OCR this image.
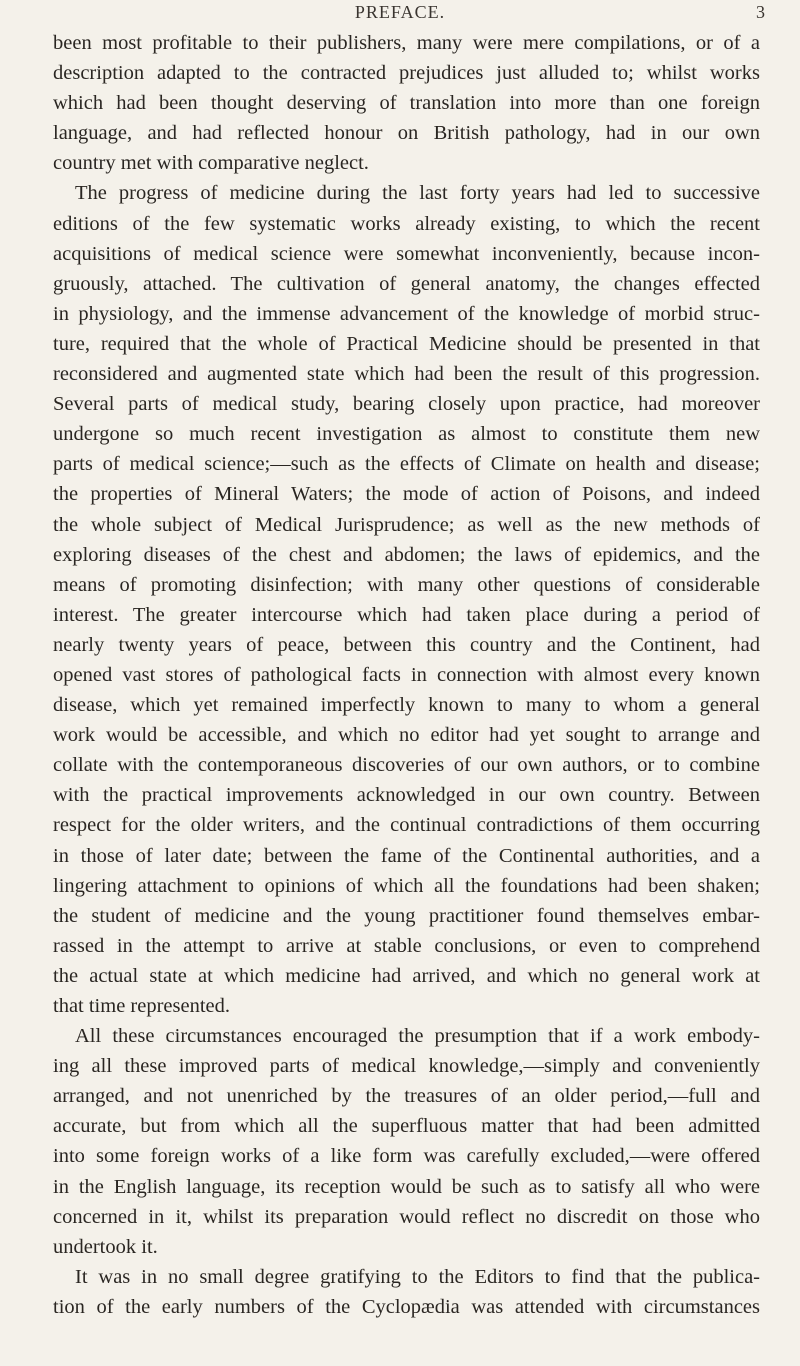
PREFACE.	3
been most profitable to their publishers, many were mere compilations, or of a
description adapted to the contracted prejudices just alluded to; whilst works
which had been thought deserving of translation into more than one foreign
language, and had reflected honour on British pathology, had in our own
country met with comparative neglect.
The progress of medicine during the last forty years had led to successive
editions of the few systematic works already existing, to which the recent
acquisitions of medical science were somewhat inconveniently, because incon-
gruously, attached. The cultivation of general anatomy, the changes effected
in physiology, and the immense advancement of the knowledge of morbid struc-
ture, required that the whole of Practical Medicine should be presented in that
reconsidered and augmented state which had been the result of this progression.
Several parts of medical study, bearing closely upon practice, had moreover
undergone so much recent investigation as almost to constitute them new
parts of medical science;—such as the effects of Climate on health and disease;
the properties of Mineral Waters; the mode of action of Poisons, and indeed
the whole subject of Medical Jurisprudence; as well as the new methods of
exploring diseases of the chest and abdomen; the laws of epidemics, and the
means of promoting disinfection; with many other questions of considerable
interest. The greater intercourse which had taken place during a period of
nearly twenty years of peace, between this country and the Continent, had
opened vast stores of pathological facts in connection with almost every known
disease, which yet remained imperfectly known to many to whom a general
work would be accessible, and which no editor had yet sought to arrange and
collate with the contemporaneous discoveries of our own authors, or to combine
with the practical improvements acknowledged in our own country. Between
respect for the older writers, and the continual contradictions of them occurring
in those of later date; between the fame of the Continental authorities, and a
lingering attachment to opinions of which all the foundations had been shaken;
the student of medicine and the young practitioner found themselves embar-
rassed in the attempt to arrive at stable conclusions, or even to comprehend
the actual state at which medicine had arrived, and which no general work at
that time represented.
All these circumstances encouraged the presumption that if a work embody-
ing all these improved parts of medical knowledge,—simply and conveniently
arranged, and not unenriched by the treasures of an older period,—full and
accurate, but from which all the superfluous matter that had been admitted
into some foreign works of a like form was carefully excluded,—were offered
in the English language, its reception would be such as to satisfy all who were
concerned in it, whilst its preparation would reflect no discredit on those who
undertook it.
It was in no small degree gratifying to the Editors to find that the publica-
tion of the early numbers of the Cyclopædia was attended with circumstances
